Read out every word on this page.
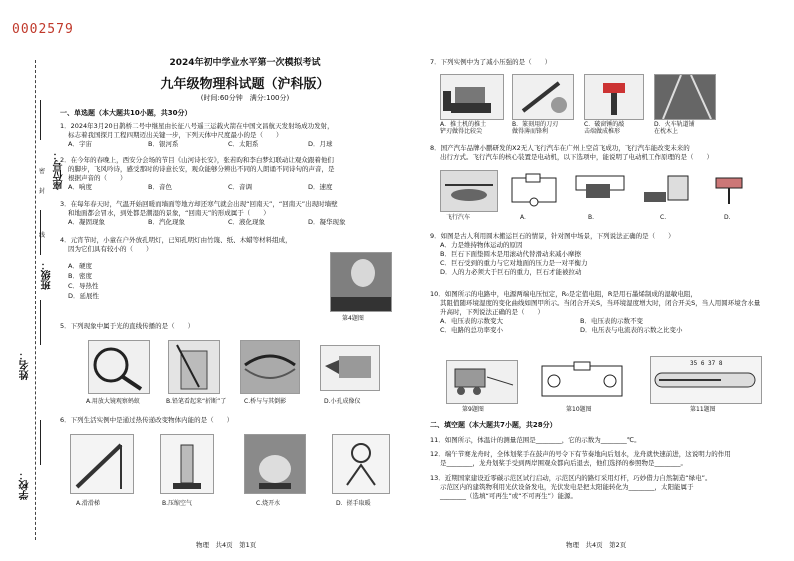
0002579
座位号：
班级：
姓名：
学校：
密
封
线
2024年初中学业水平第一次模拟考试
九年级物理科试题（沪科版）
(时间:60分钟　满分:100分)
一、单选题（本大题共10小题，共30分）
1．2024年3月20日鹊桥二号中继星由长征八号遥三运载火箭在中国文昌航天发射场成功发射，
标志着我国探月工程四期迈出关键一步，下列天体中尺度最小的是（　　）
A．宇宙	B．银河系	C．太阳系	D．月球
2．在今年的春晚上，西安分会场的节目《山河诗长安》，张若昀和李白梦幻联动让观众跟着他们
的脚步，飞风吟诗，感受那时的诗意长安，观众能够分辨出不同的人朗诵不同诗句的声音，是
根据声音的（　　）
A．响度	B．音色	C．音调	D．速度
3．在每年春天时，气温开始回暖而墙面等地方却还寒气就会出现“回南天”，“回南天”出现时墙壁
和地面都会冒水，到处都是潮湿的景象，“回南天”的形成属于（　　）
A．凝固现象	B．汽化现象	C．液化现象	D．凝华现象
4．元宵节时，小童在户外放孔明灯，已知孔明灯由竹篾、纸、木蜡等材料组成，
因为它们具有较小的（　　）
A．硬度
B．密度
C．导热性
D．延展性
第4题图
5．下列现象中属于光的直线传播的是（　　）
A.用放大镜观察蚂蚁	B.铅笔看起来“折断”了	C.桥与与其倒影	D.小孔成像仪
6．下列生活实例中是通过热传递改变物体内能的是（　　）
A.滑滑梯	B.压缩空气	C.烧开水	D．搓手取暖
物理　共4页　第1页
7．下列实例中为了减小压强的是（　　）
A．推土机的推土
铲刃做得比较尖
B．篆刻用的刀刃
做得薄而锋利
C．破窗锤的敲
击端做成椎形
D．火车轨道铺
在枕木上
8．国产汽车品牌小鹏研发的X2无人飞行汽车在广州上空首飞成功，飞行汽车能改变未来的
出行方式。飞行汽车的核心装置是电动机，以下选项中，能说明了电动机工作原理的是（　　）
飞行汽车	A.	B.	C.	D.
9．如图是古人利用圆木搬运巨石的情景，针对图中场景，下列说法正确的是（　　）
A．力是维持物体运动的原因
B．巨石下面垫圆木是用滚动代替滑动来减小摩擦
C．巨石受到的重力与它对地面的压力是一对平衡力
D．人的力必须大于巨石的重力，巨石才能被拉动
10．如图所示的电路中，电源两端电压恒定，R₀是定值电阻，R是用石墨烯制成的湿敏电阻，
其阻值随环境湿度的变化曲线如图甲所示。当闭合开关S，当环境湿度增大时，闭合开关S，当人用圆环境含水量
升高时，下列说法正确的是（　　）
A．电压表的示数变大	B．电压表的示数不变
C．电路的总功率变小	D．电压表与电流表的示数之比变小
35 6 37 8
第9题图	第10题图	第11题图
二、填空题（本大题共7小题，共28分）
11．如图所示，体温计的测量范围是________，它的示数为________℃。
12．端午节赛龙舟时，全体划桨手在鼓声的号令下有节奏地向后划水，龙舟就快速前进，这说明力的作用
是________，龙舟划桨手受到两岸围观众都向后退去，他们选择的参照物是________。
13．近期国家建设近零碳示范区试行启动，示范区内的路灯采用灯杆，巧妙借力自然制造“绿电”。
示范区内的建筑物利用光伏设备发电，光伏发电是把太阳能转化为________，太阳能属于
________（选填“可再生”或“不可再生”）能源。
物理　共4页　第2页
